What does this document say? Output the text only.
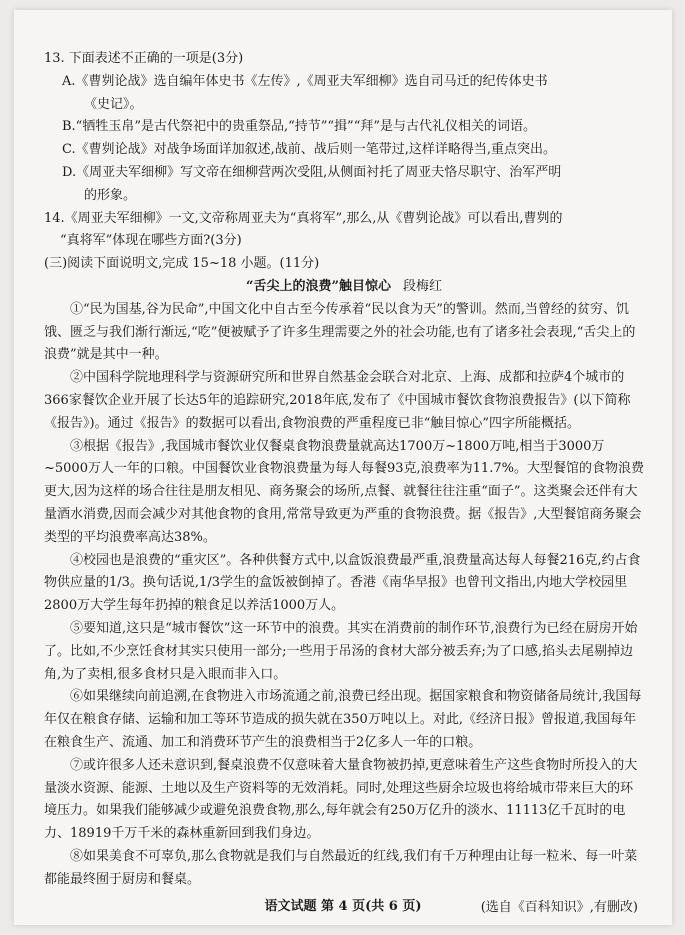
13. 下面表述不正确的一项是(3分)

A.《曹刿论战》选自编年体史书《左传》,《周亚夫军细柳》选自司马迁的纪传体史书

《史记》。

B.“牺牲玉帛”是古代祭祀中的贵重祭品,“持节”“揖”“拜”是与古代礼仪相关的词语。

C.《曹刿论战》对战争场面详加叙述,战前、战后则一笔带过,这样详略得当,重点突出。

D.《周亚夫军细柳》写文帝在细柳营两次受阻,从侧面衬托了周亚夫恪尽职守、治军严明

的形象。

14.《周亚夫军细柳》一文,文帝称周亚夫为“真将军”,那么,从《曹刿论战》可以看出,曹刿的

“真将军”体现在哪些方面?(3分)

(三)阅读下面说明文,完成 15~18 小题。(11分)

“舌尖上的浪费”触目惊心 段梅红

①“民为国基,谷为民命”,中国文化中自古至今传承着“民以食为天”的警训。然而,当曾经的贫穷、饥饿、匮乏与我们渐行渐远,“吃”便被赋予了许多生理需要之外的社会功能,也有了诸多社会表现,“舌尖上的浪费”就是其中一种。

②中国科学院地理科学与资源研究所和世界自然基金会联合对北京、上海、成都和拉萨4个城市的366家餐饮企业开展了长达5年的追踪研究,2018年底,发布了《中国城市餐饮食物浪费报告》(以下简称《报告》)。通过《报告》的数据可以看出,食物浪费的严重程度已非“触目惊心”四字所能概括。

③根据《报告》,我国城市餐饮业仅餐桌食物浪费量就高达1700万~1800万吨,相当于3000万~5000万人一年的口粮。中国餐饮业食物浪费量为每人每餐93克,浪费率为11.7%。大型餐馆的食物浪费更大,因为这样的场合往往是朋友相见、商务聚会的场所,点餐、就餐往往注重“面子”。这类聚会还伴有大量酒水消费,因而会减少对其他食物的食用,常常导致更为严重的食物浪费。据《报告》,大型餐馆商务聚会类型的平均浪费率高达38%。

④校园也是浪费的“重灾区”。各种供餐方式中,以盒饭浪费最严重,浪费量高达每人每餐216克,约占食物供应量的1/3。换句话说,1/3学生的盒饭被倒掉了。香港《南华早报》也曾刊文指出,内地大学校园里2800万大学生每年扔掉的粮食足以养活1000万人。

⑤要知道,这只是“城市餐饮”这一环节中的浪费。其实在消费前的制作环节,浪费行为已经在厨房开始了。比如,不少烹饪食材其实只使用一部分;一些用于吊汤的食材大部分被丢弃;为了口感,掐头去尾剔掉边角,为了卖相,很多食材只是入眼而非入口。

⑥如果继续向前追溯,在食物进入市场流通之前,浪费已经出现。据国家粮食和物资储备局统计,我国每年仅在粮食存储、运输和加工等环节造成的损失就在350万吨以上。对此,《经济日报》曾报道,我国每年在粮食生产、流通、加工和消费环节产生的浪费相当于2亿多人一年的口粮。

⑦或许很多人还未意识到,餐桌浪费不仅意味着大量食物被扔掉,更意味着生产这些食物时所投入的大量淡水资源、能源、土地以及生产资料等的无效消耗。同时,处理这些厨余垃圾也将给城市带来巨大的环境压力。如果我们能够减少或避免浪费食物,那么,每年就会有250万亿升的淡水、11113亿千瓦时的电力、18919千万千米的森林重新回到我们身边。

⑧如果美食不可辜负,那么食物就是我们与自然最近的红线,我们有千万种理由让每一粒米、每一叶菜都能最终囿于厨房和餐桌。

(选自《百科知识》,有删改)

语文试题 第 4 页(共 6 页)
